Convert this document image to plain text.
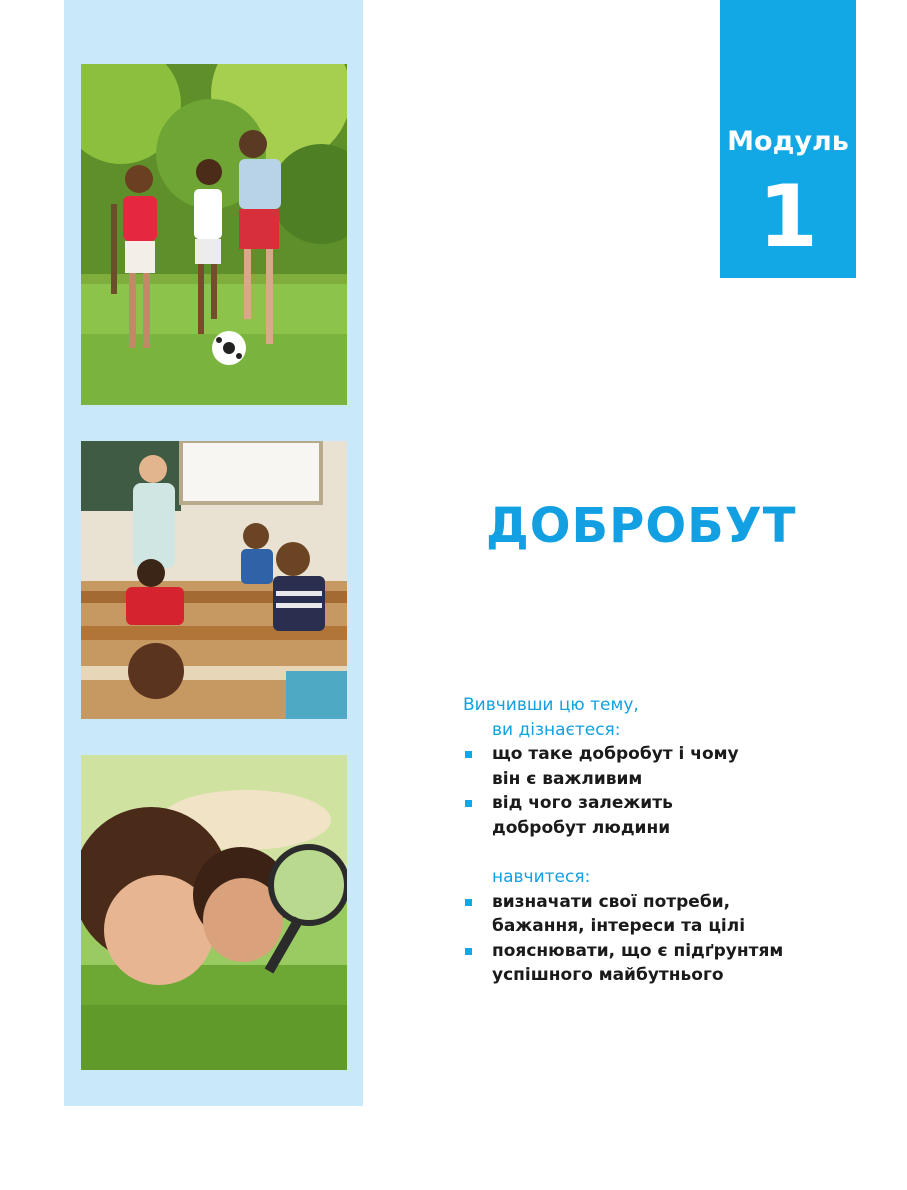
Модуль
1
ДОБРОБУТ
Вивчивши цю тему,
ви дізнаєтеся:
що таке добробут і чому
він є важливим
від чого залежить
добробут людини
навчитеся:
визначати свої потреби,
бажання, інтереси та цілі
пояснювати, що є підґрунтям
успішного майбутнього
